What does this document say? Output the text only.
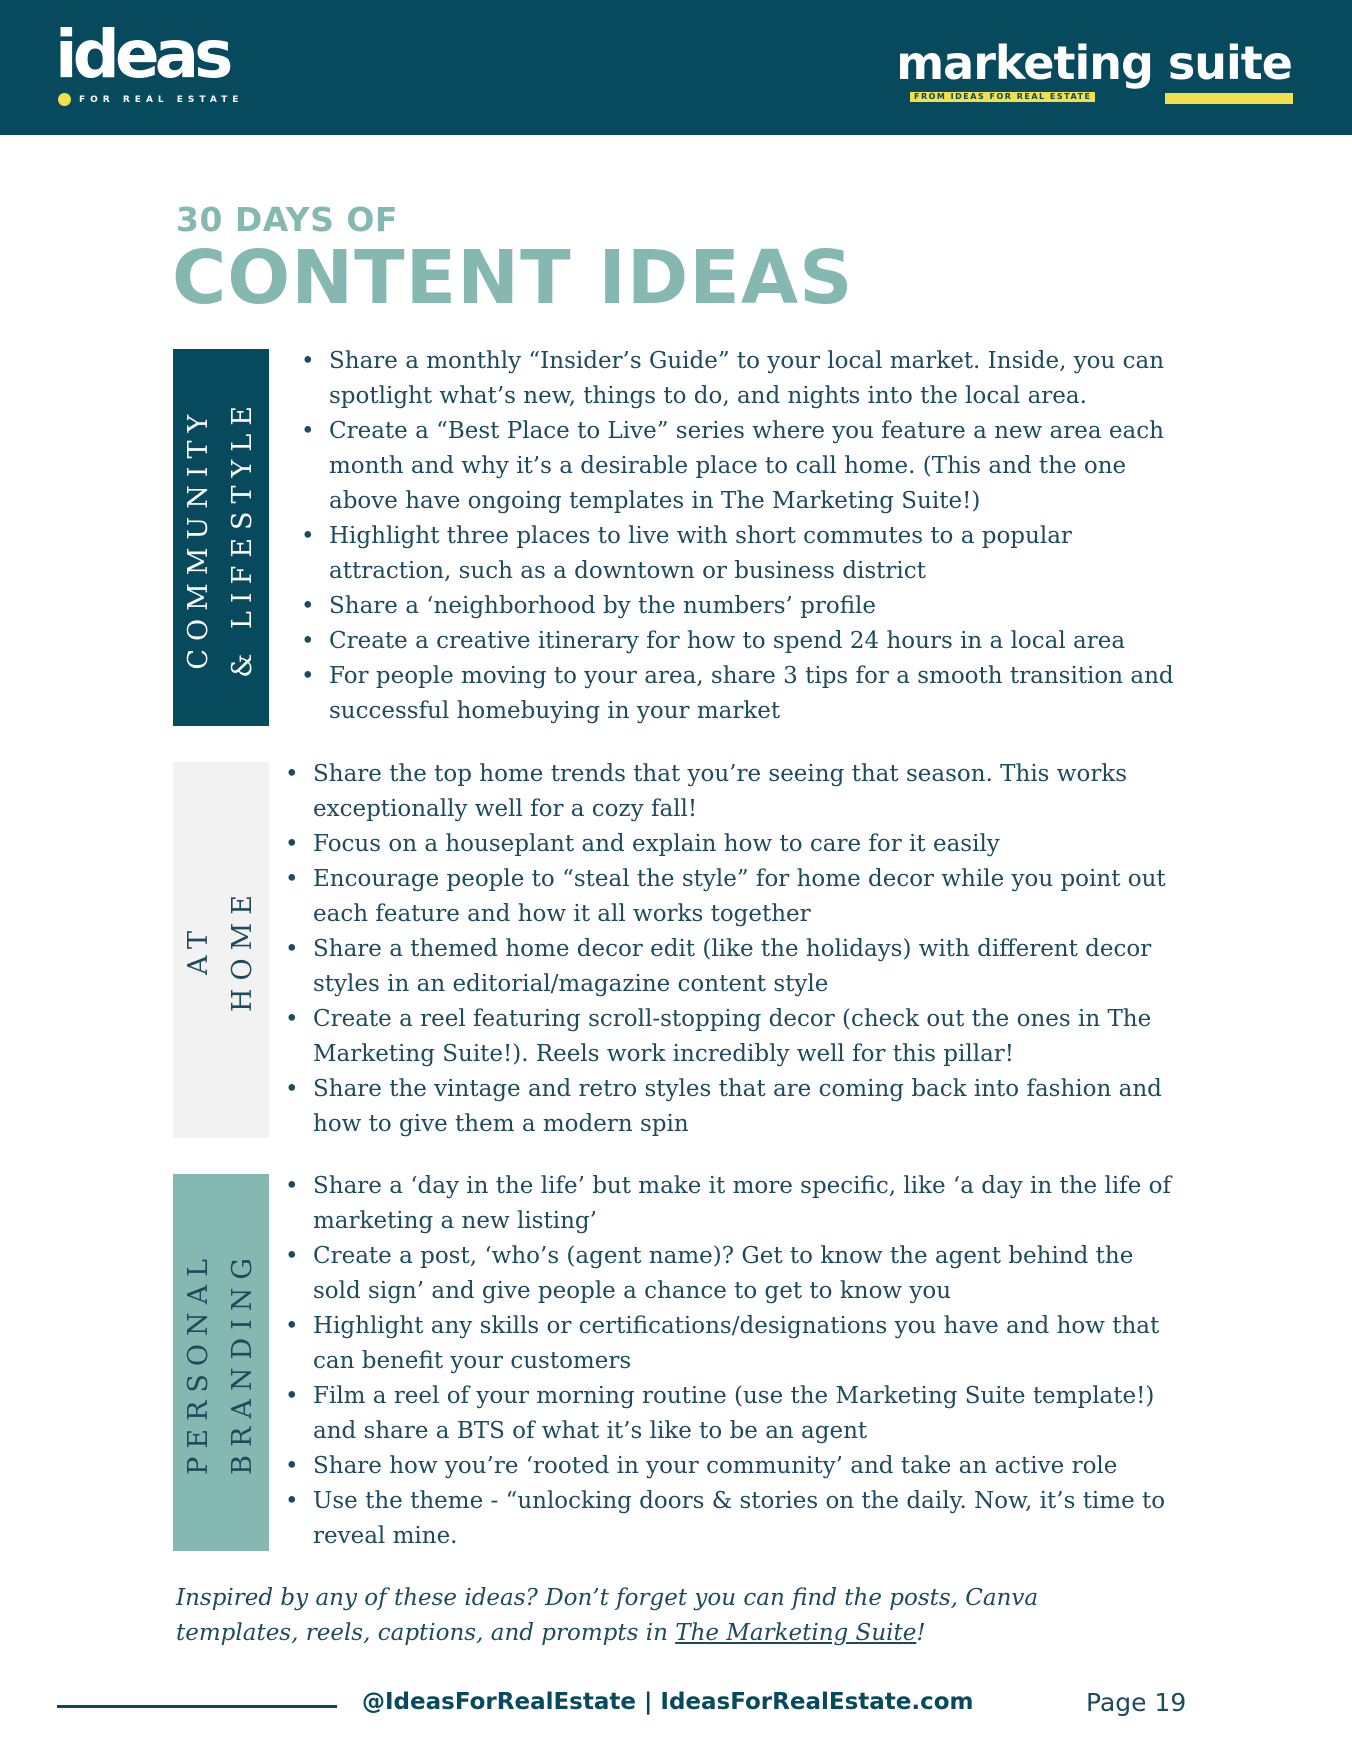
ideas
FOR REAL ESTATE
marketing suite
FROM IDEAS FOR REAL ESTATE
30 DAYS OF
CONTENT IDEAS
COMMUNITY & LIFESTYLE
• Share a monthly “Insider’s Guide” to your local market. Inside, you can spotlight what’s new, things to do, and nights into the local area.
• Create a “Best Place to Live” series where you feature a new area each month and why it’s a desirable place to call home. (This and the one above have ongoing templates in The Marketing Suite!)
• Highlight three places to live with short commutes to a popular attraction, such as a downtown or business district
• Share a ‘neighborhood by the numbers’ profile
• Create a creative itinerary for how to spend 24 hours in a local area
• For people moving to your area, share 3 tips for a smooth transition and successful homebuying in your market
AT HOME
• Share the top home trends that you’re seeing that season. This works exceptionally well for a cozy fall!
• Focus on a houseplant and explain how to care for it easily
• Encourage people to “steal the style” for home decor while you point out each feature and how it all works together
• Share a themed home decor edit (like the holidays) with different decor styles in an editorial/magazine content style
• Create a reel featuring scroll-stopping decor (check out the ones in The Marketing Suite!). Reels work incredibly well for this pillar!
• Share the vintage and retro styles that are coming back into fashion and how to give them a modern spin
PERSONAL BRANDING
• Share a ‘day in the life’ but make it more specific, like ‘a day in the life of marketing a new listing’
• Create a post, ‘who’s (agent name)? Get to know the agent behind the sold sign’ and give people a chance to get to know you
• Highlight any skills or certifications/designations you have and how that can benefit your customers
• Film a reel of your morning routine (use the Marketing Suite template!) and share a BTS of what it’s like to be an agent
• Share how you’re ‘rooted in your community’ and take an active role
• Use the theme - “unlocking doors & stories on the daily. Now, it’s time to reveal mine.

Inspired by any of these ideas? Don’t forget you can find the posts, Canva templates, reels, captions, and prompts in The Marketing Suite!

@IdeasForRealEstate | IdeasForRealEstate.com	Page 19
